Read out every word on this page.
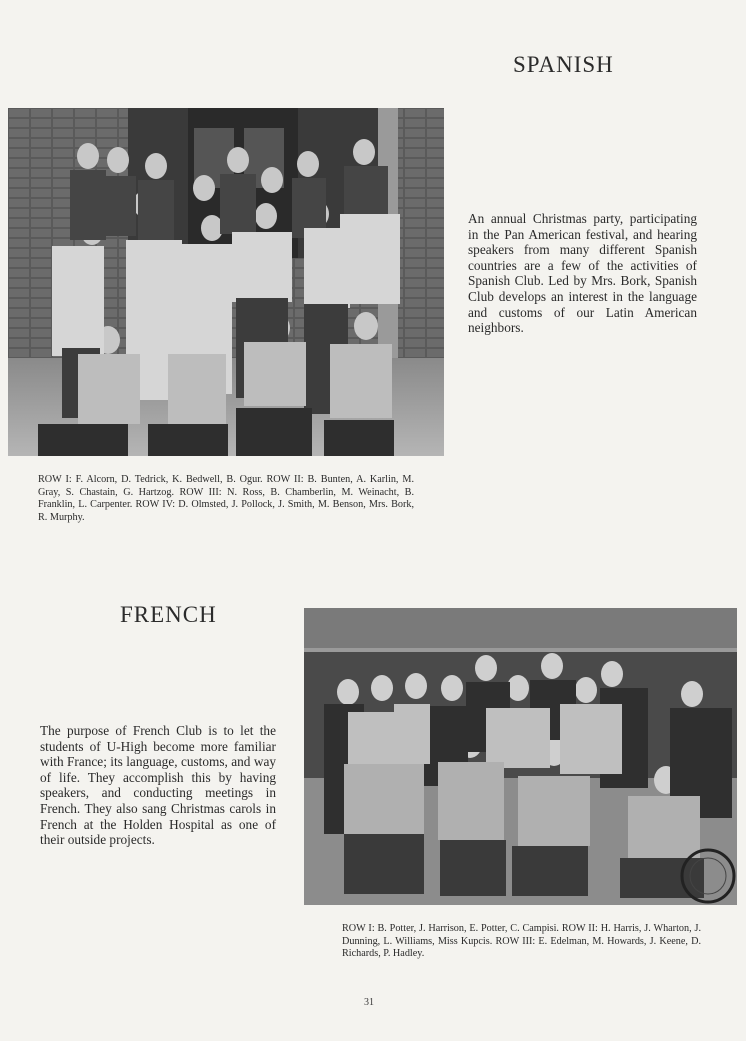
SPANISH

An annual Christmas party, participating in the Pan American festival, and hearing speakers from many different Spanish countries are a few of the activities of Spanish Club. Led by Mrs. Bork, Spanish Club develops an interest in the language and customs of our Latin American neighbors.

ROW I: F. Alcorn, D. Tedrick, K. Bedwell, B. Ogur. ROW II: B. Bunten, A. Karlin, M. Gray, S. Chastain, G. Hartzog. ROW III: N. Ross, B. Chamberlin, M. Weinacht, B. Franklin, L. Carpenter. ROW IV: D. Olmsted, J. Pollock, J. Smith, M. Benson, Mrs. Bork, R. Murphy.

FRENCH

The purpose of French Club is to let the students of U-High become more familiar with France; its language, customs, and way of life. They accomplish this by having speakers, and conducting meetings in French. They also sang Christmas carols in French at the Holden Hospital as one of their outside projects.

ROW I: B. Potter, J. Harrison, E. Potter, C. Campisi. ROW II: H. Harris, J. Wharton, J. Dunning, L. Williams, Miss Kupcis. ROW III: E. Edelman, M. Howards, J. Keene, D. Richards, P. Hadley.

31
